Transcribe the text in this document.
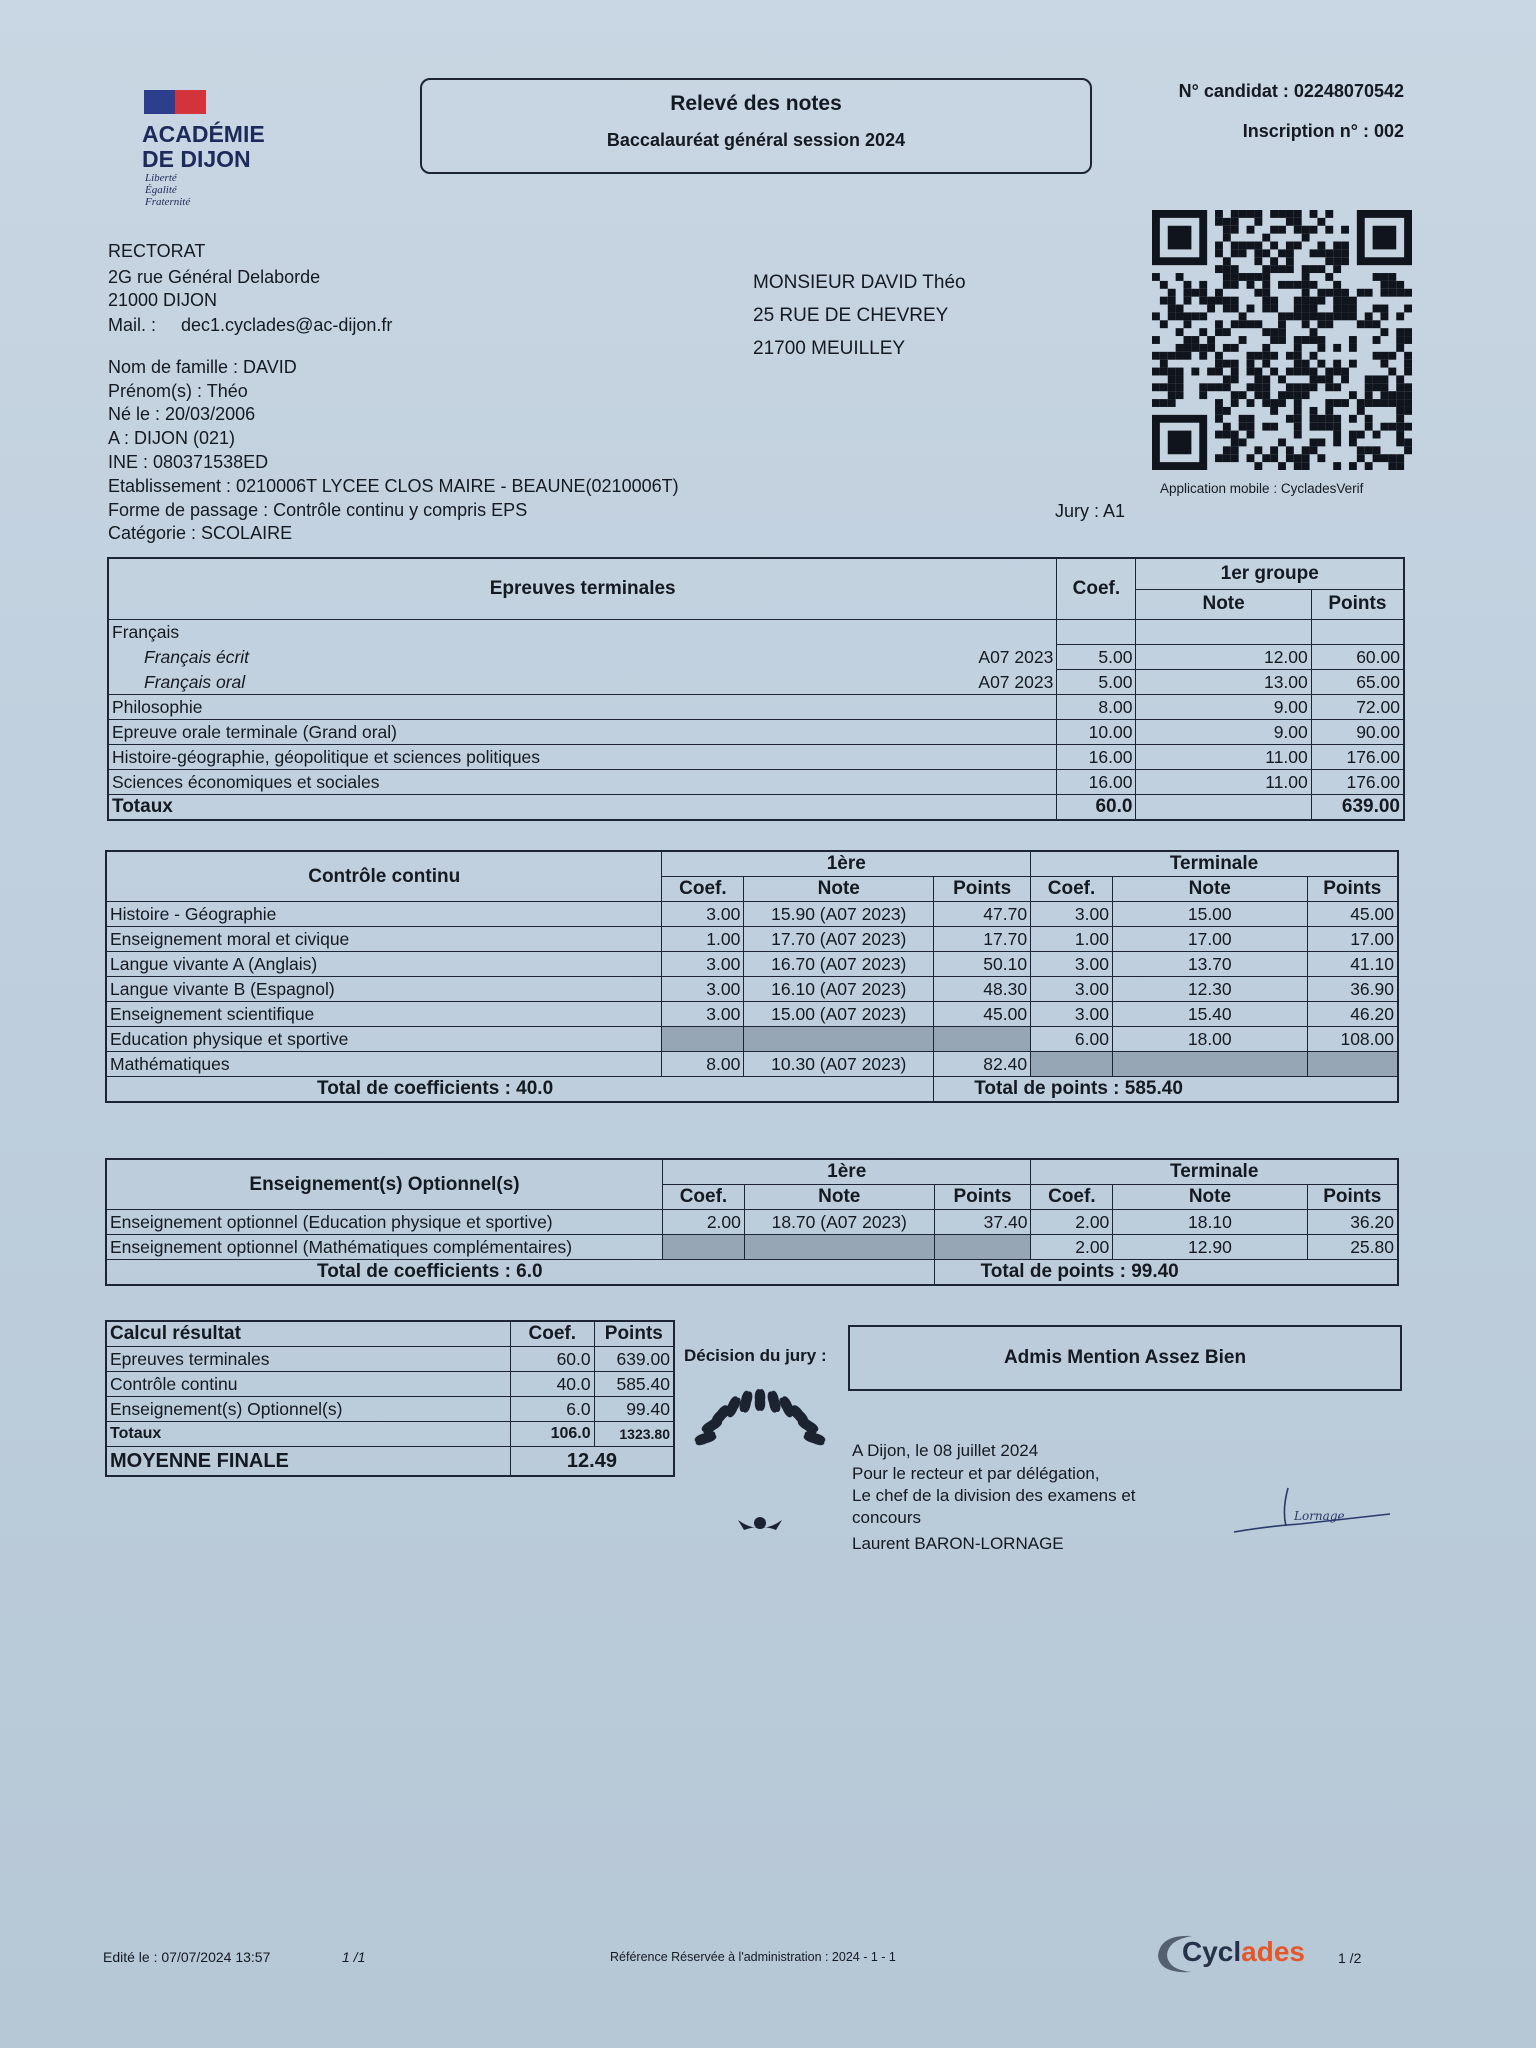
ACADÉMIE
DE DIJON
Liberté
Égalité
Fraternité
Relevé des notes
Baccalauréat général session 2024
N° candidat : 02248070542
Inscription n° : 002
Application mobile : CycladesVerif
RECTORAT
2G rue Général Delaborde
21000 DIJON
Mail. : dec1.cyclades@ac-dijon.fr
MONSIEUR DAVID Théo
25 RUE DE CHEVREY
21700 MEUILLEY
Nom de famille : DAVID
Prénom(s) : Théo
Né le : 20/03/2006
A : DIJON (021)
INE : 080371538ED
Etablissement : 0210006T LYCEE CLOS MAIRE - BEAUNE(0210006T)
Forme de passage : Contrôle continu y compris EPS
Catégorie : SCOLAIRE
Jury : A1
Epreuves terminales		Coef.	1er groupe	
			Note	Points
Français				
Français écrit	A07 2023	5.00	12.00	60.00
Français oral	A07 2023	5.00	13.00	65.00
Philosophie		8.00	9.00	72.00
Epreuve orale terminale (Grand oral)		10.00	9.00	90.00
Histoire-géographie, géopolitique et sciences politiques		16.00	11.00	176.00
Sciences économiques et sociales		16.00	11.00	176.00
Totaux		60.0		639.00
Contrôle continu	1ère			Terminale		
	Coef.	Note	Points	Coef.	Note	Points
Histoire - Géographie	3.00	15.90 (A07 2023)	47.70	3.00	15.00	45.00
Enseignement moral et civique	1.00	17.70 (A07 2023)	17.70	1.00	17.00	17.00
Langue vivante A (Anglais)	3.00	16.70 (A07 2023)	50.10	3.00	13.70	41.10
Langue vivante B (Espagnol)	3.00	16.10 (A07 2023)	48.30	3.00	12.30	36.90
Enseignement scientifique	3.00	15.00 (A07 2023)	45.00	3.00	15.40	46.20
Education physique et sportive				6.00	18.00	108.00
Mathématiques	8.00	10.30 (A07 2023)	82.40			
Total de coefficients : 40.0			Total de points : 585.40			
Enseignement(s) Optionnel(s)	1ère			Terminale		
	Coef.	Note	Points	Coef.	Note	Points
Enseignement optionnel (Education physique et sportive)	2.00	18.70 (A07 2023)	37.40	2.00	18.10	36.20
Enseignement optionnel (Mathématiques complémentaires)				2.00	12.90	25.80
Total de coefficients : 6.0			Total de points : 99.40			
Calcul résultat	Coef.	Points
Epreuves terminales	60.0	639.00
Contrôle continu	40.0	585.40
Enseignement(s) Optionnel(s)	6.0	99.40
Totaux	106.0	1323.80
MOYENNE FINALE	12.49	
Décision du jury :	Admis Mention Assez Bien
A Dijon, le 08 juillet 2024
Pour le recteur et par délégation,
Le chef de la division des examens et
concours
Laurent BARON-LORNAGE
Lornage
Edité le : 07/07/2024 13:57	1 /1	Référence Réservée à l'administration : 2024 - 1 - 1	Cyclades 1 /2
